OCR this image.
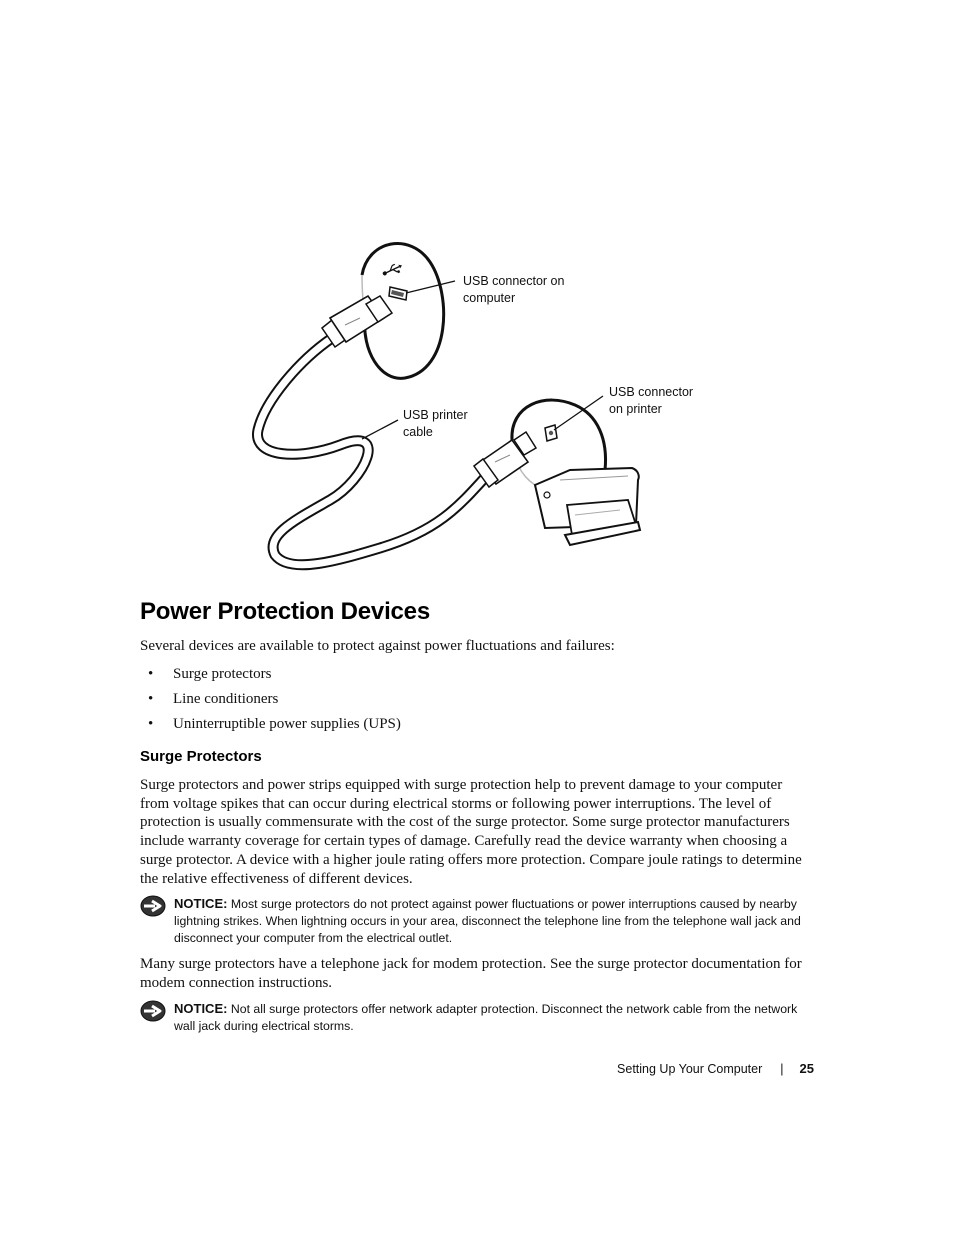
USB connector on computer
USB printer cable
USB connector on printer
Power Protection Devices

Several devices are available to protect against power fluctuations and failures:

•	Surge protectors
•	Line conditioners
•	Uninterruptible power supplies (UPS)
Surge Protectors

Surge protectors and power strips equipped with surge protection help to prevent damage to your computer from voltage spikes that can occur during electrical storms or following power interruptions. The level of protection is usually commensurate with the cost of the surge protector. Some surge protector manufacturers include warranty coverage for certain types of damage. Carefully read the device warranty when choosing a surge protector. A device with a higher joule rating offers more protection. Compare joule ratings to determine the relative effectiveness of different devices.

NOTICE: Most surge protectors do not protect against power fluctuations or power interruptions caused by nearby lightning strikes. When lightning occurs in your area, disconnect the telephone line from the telephone wall jack and disconnect your computer from the electrical outlet.

Many surge protectors have a telephone jack for modem protection. See the surge protector documentation for modem connection instructions.

NOTICE: Not all surge protectors offer network adapter protection. Disconnect the network cable from the network wall jack during electrical storms.

Setting Up Your Computer | 25
